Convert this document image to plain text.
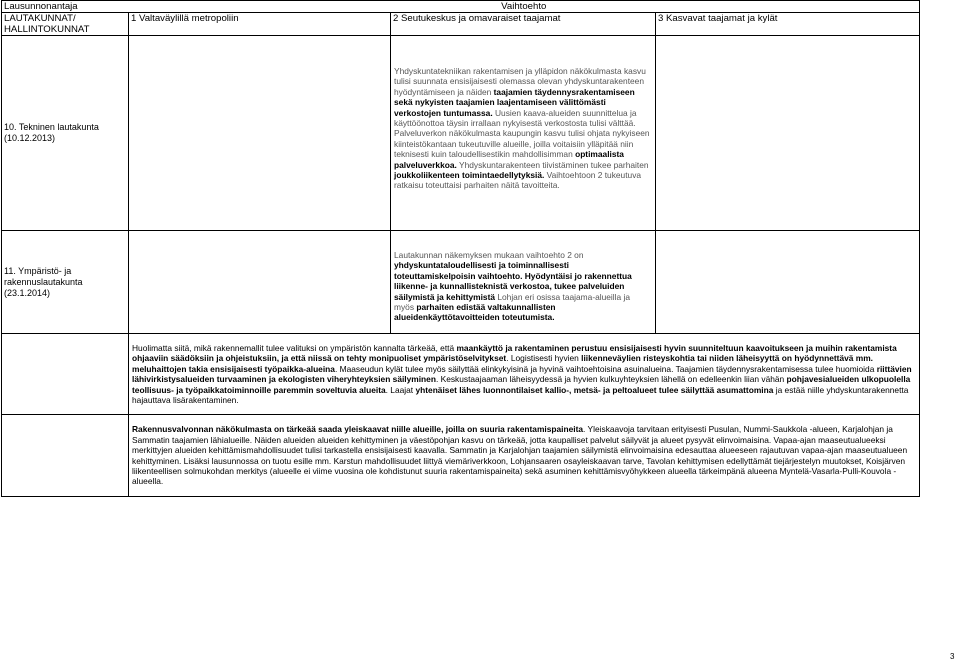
Lausunnonantaja	Vaihtoehto		

LAUTAKUNNAT/

HALLINTOKUNNAT	1 Valtaväylillä metropoliin	2 Seutukeskus ja omavaraiset taajamat	3 Kasvavat taajamat ja kylät
10. Tekninen lautakunta (10.12.2013)		Yhdyskuntatekniikan rakentamisen ja ylläpidon näkökulmasta kasvu tulisi suunnata ensisijaisesti olemassa olevan yhdyskuntarakenteen hyödyntämiseen ja näiden taajamien täydennysrakentamiseen sekä nykyisten taajamien laajentamiseen välittömästi verkostojen tuntumassa. Uusien kaava-alueiden suunnittelua ja käyttöönottoa täysin irrallaan nykyisestä verkostosta tulisi välttää. Palveluverkon näkökulmasta kaupungin kasvu tulisi ohjata nykyiseen kiinteistökantaan tukeutuville alueille, joilla voitaisiin ylläpitää niin teknisesti kuin taloudellisestikin mahdollisimman optimaalista palveluverkkoa. Yhdyskuntarakenteen tiivistäminen tukee parhaiten joukkoliikenteen toimintaedellytyksiä. Vaihtoehtoon 2 tukeutuva ratkaisu toteuttaisi parhaiten näitä tavoitteita.	

11. Ympäristö- ja rakennuslautakunta (23.1.2014)		Lautakunnan näkemyksen mukaan vaihtoehto 2 on yhdyskuntataloudellisesti ja toiminnallisesti toteuttamiskelpoisin vaihtoehto. Hyödyntäisi jo rakennettua liikenne- ja kunnallisteknistä verkostoa, tukee palveluiden säilymistä ja kehittymistä Lohjan eri osissa taajama-alueilla ja myös parhaiten edistää valtakunnallisten alueidenkäyttötavoitteiden toteutumista.	

	Huolimatta siitä, mikä rakennemallit tulee valituksi on ympäristön kannalta tärkeää, että maankäyttö ja rakentaminen perustuu ensisijaisesti hyvin suunniteltuun kaavoitukseen ja muihin rakentamista ohjaaviin säädöksiin ja ohjeistuksiin, ja että niissä on tehty monipuoliset ympäristöselvitykset. Logistisesti hyvien liikenneväylien risteyskohtia tai niiden läheisyyttä on hyödynnettävä mm. meluhaittojen takia ensisijaisesti työpaikka-alueina. Maaseudun kylät tulee myös säilyttää elinkykyisinä ja hyvinä vaihtoehtoisina asuinalueina. Taajamien täydennysrakentamisessa tulee huomioida riittävien lähivirkistysalueiden turvaaminen ja ekologisten viheryhteyksien säilyminen. Keskustaajaaman läheisyydessä ja hyvien kulkuyhteyksien lähellä on edelleenkin liian vähän pohjavesialueiden ulkopuolella teollisuus- ja työpaikkatoiminnoille paremmin soveltuvia alueita. Laajat yhtenäiset lähes luonnontilaiset kallio-, metsä- ja peltoalueet tulee säilyttää asumattomina ja estää niille yhdyskuntarakennetta hajauttava lisärakentaminen.		

	Rakennusvalvonnan näkökulmasta on tärkeää saada yleiskaavat niille alueille, joilla on suuria rakentamispaineita. Yleiskaavoja tarvitaan erityisesti Pusulan, Nummi-Saukkola -alueen, Karjalohjan ja Sammatin taajamien lähialueille. Näiden alueiden alueiden kehittyminen ja väestöpohjan kasvu on tärkeää, jotta kaupalliset palvelut säilyvät ja alueet pysyvät elinvoimaisina. Vapaa-ajan maaseutualueeksi merkittyjen alueiden kehittämismahdollisuudet tulisi tarkastella ensisijaisesti kaavalla. Sammatin ja Karjalohjan taajamien säilymistä elinvoimaisina edesauttaa alueeseen rajautuvan vapaa-ajan maaseutualueen kehittyminen. Lisäksi lausunnossa on tuotu esille mm. Karstun mahdollisuudet liittyä viemäriverkkoon, Lohjansaaren osayleiskaavan tarve, Tavolan kehittymisen edellyttämät tiejärjestelyn muutokset, Koisjärven liikenteellisen solmukohdan merkitys (alueelle ei viime vuosina ole kohdistunut suuria rakentamispaineita) sekä asuminen kehittämisvyöhykkeen alueella tärkeimpänä alueena Myntelä-Vasarla-Pulli-Kouvola -alueella.		

3
